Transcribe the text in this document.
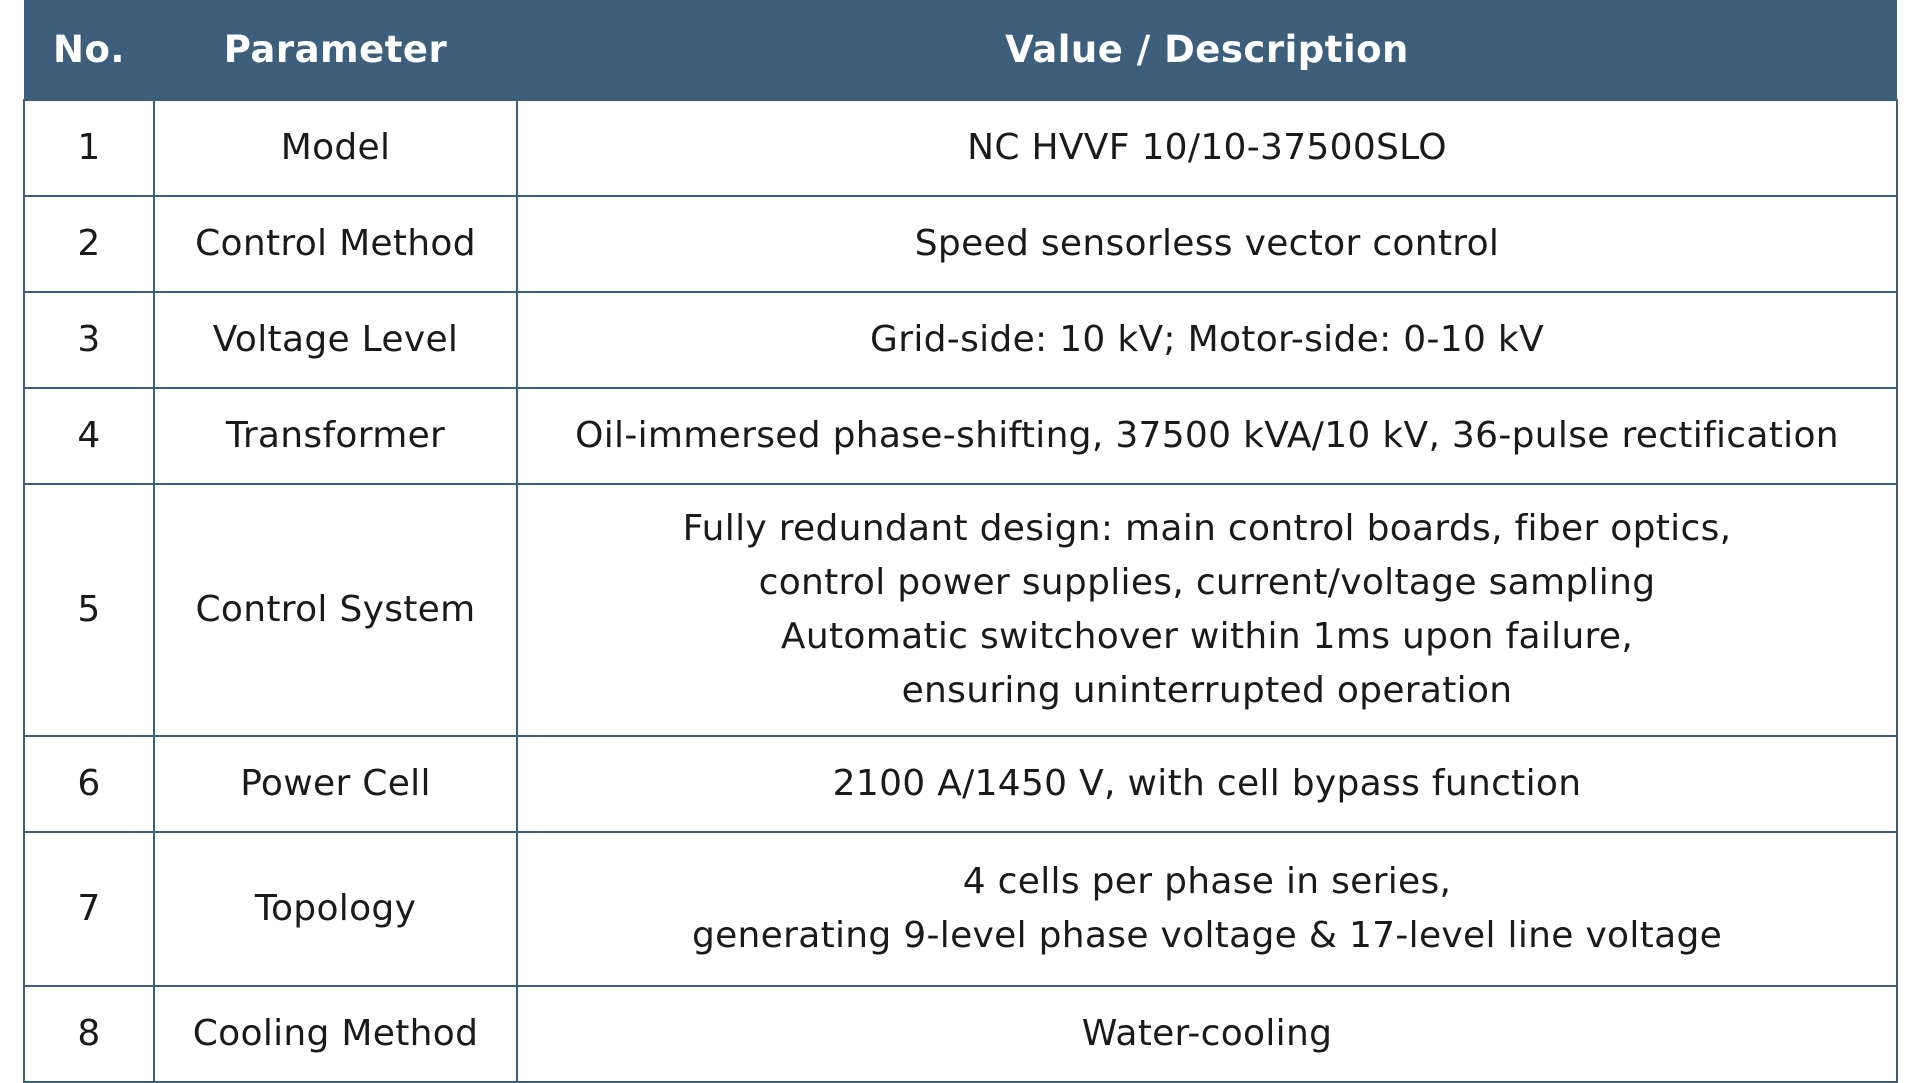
No.	Parameter	Value / Description
1	Model	NC HVVF 10/10-37500SLO

2	Control Method	Speed sensorless vector control

3	Voltage Level	Grid-side: 10 kV; Motor-side: 0-10 kV

4	Transformer	Oil-immersed phase-shifting, 37500 kVA/10 kV, 36-pulse rectification

5	Control System	Fully redundant design: main control boards, fiber optics,
control power supplies, current/voltage sampling
Automatic switchover within 1ms upon failure,
ensuring uninterrupted operation

6	Power Cell	2100 A/1450 V, with cell bypass function

7	Topology	4 cells per phase in series,
generating 9-level phase voltage & 17-level line voltage

8	Cooling Method	Water-cooling
